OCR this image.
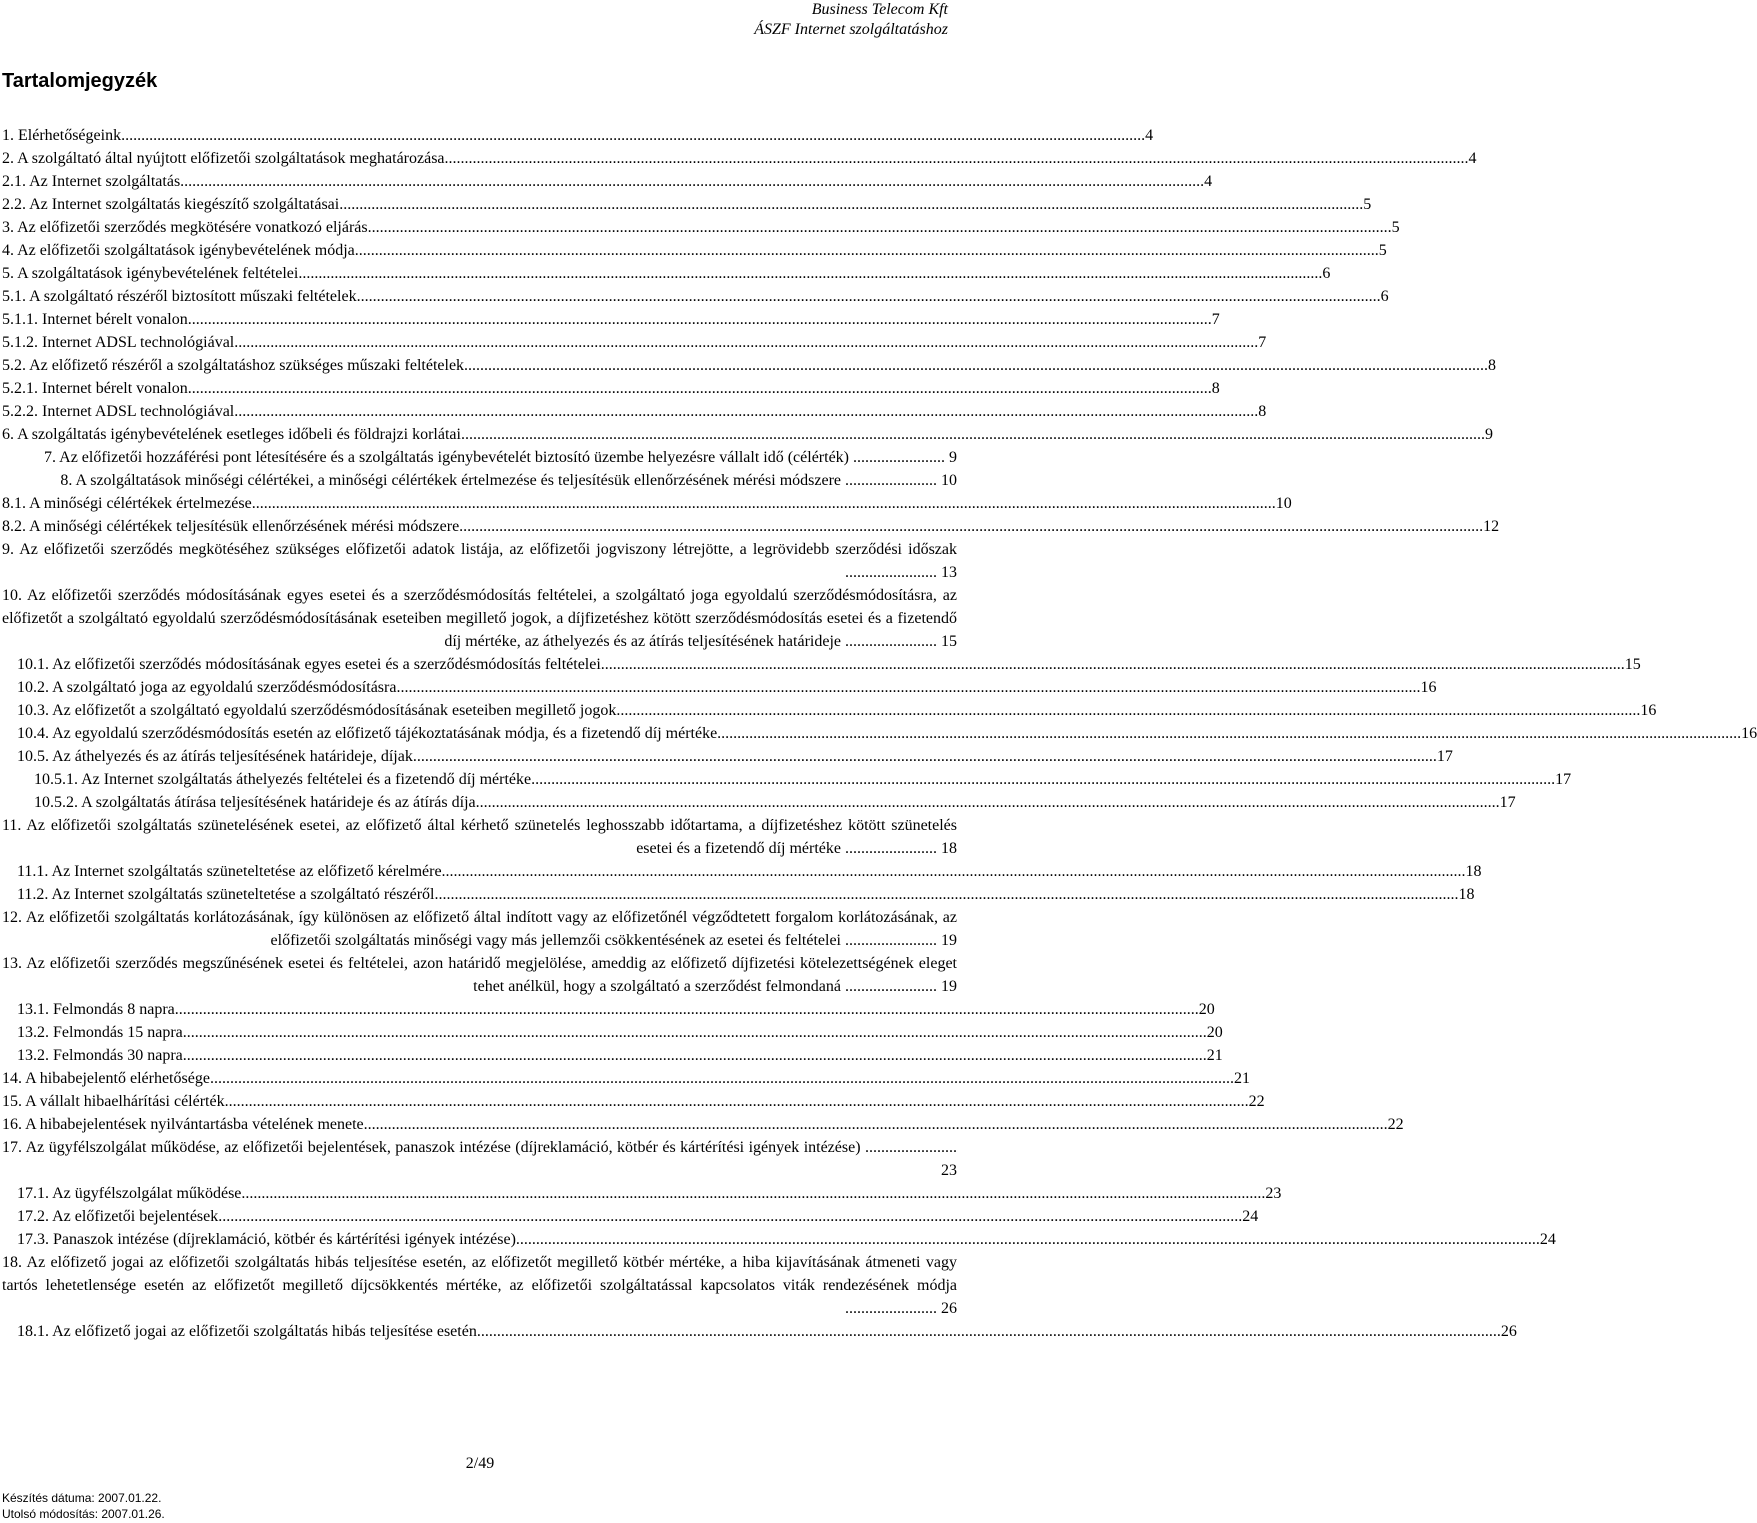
Business Telecom Kft
ÁSZF Internet szolgáltatáshoz
Tartalomjegyzék
1. Elérhetőségeink .....	4
2. A szolgáltató által nyújtott előfizetői szolgáltatások meghatározása .....	4
2.1. Az Internet szolgáltatás .....	4
2.2. Az Internet szolgáltatás kiegészítő szolgáltatásai .....	5
3. Az előfizetői szerződés megkötésére vonatkozó eljárás .....	5
4. Az előfizetői szolgáltatások igénybevételének módja .....	5
5. A szolgáltatások igénybevételének feltételei .....	6
5.1. A szolgáltató részéről biztosított műszaki feltételek .....	6
5.1.1. Internet bérelt vonalon .....	7
5.1.2. Internet ADSL technológiával .....	7
5.2. Az előfizető részéről a szolgáltatáshoz szükséges műszaki feltételek .....	8
5.2.1. Internet bérelt vonalon .....	8
5.2.2. Internet ADSL technológiával .....	8
6. A szolgáltatás igénybevételének esetleges időbeli és földrajzi korlátai .....	9
7. Az előfizetői hozzáférési pont létesítésére és a szolgáltatás igénybevételét biztosító üzembe helyezésre vállalt idő (célérték) ....................... 9
8. A szolgáltatások minőségi célértékei, a minőségi célértékek értelmezése és teljesítésük ellenőrzésének mérési módszere ....................... 10
8.1. A minőségi célértékek értelmezése .....	10
8.2. A minőségi célértékek teljesítésük ellenőrzésének mérési módszere .....	12
9. Az előfizetői szerződés megkötéséhez szükséges előfizetői adatok listája, az előfizetői jogviszony létrejötte, a legrövidebb szerződési időszak ....................... 13
10. Az előfizetői szerződés módosításának egyes esetei és a szerződésmódosítás feltételei, a szolgáltató joga egyoldalú szerződésmódosításra, az előfizetőt a szolgáltató egyoldalú szerződésmódosításának eseteiben megillető jogok, a díjfizetéshez kötött szerződésmódosítás esetei és a fizetendő díj mértéke, az áthelyezés és az átírás teljesítésének határideje ....................... 15
10.1. Az előfizetői szerződés módosításának egyes esetei és a szerződésmódosítás feltételei .....	15
10.2. A szolgáltató joga az egyoldalú szerződésmódosításra .....	16
10.3. Az előfizetőt a szolgáltató egyoldalú szerződésmódosításának eseteiben megillető jogok .....	16
10.4. Az egyoldalú szerződésmódosítás esetén az előfizető tájékoztatásának módja, és a fizetendő díj mértéke .....	16
10.5. Az áthelyezés és az átírás teljesítésének határideje, díjak .....	17
10.5.1. Az Internet szolgáltatás áthelyezés feltételei és a fizetendő díj mértéke .....	17
10.5.2. A szolgáltatás átírása teljesítésének határideje és az átírás díja .....	17
11. Az előfizetői szolgáltatás szünetelésének esetei, az előfizető által kérhető szünetelés leghosszabb időtartama, a díjfizetéshez kötött szünetelés esetei és a fizetendő díj mértéke ....................... 18
11.1. Az Internet szolgáltatás szüneteltetése az előfizető kérelmére .....	18
11.2. Az Internet szolgáltatás szüneteltetése a szolgáltató részéről .....	18
12. Az előfizetői szolgáltatás korlátozásának, így különösen az előfizető által indított vagy az előfizetőnél végződtetett forgalom korlátozásának, az előfizetői szolgáltatás minőségi vagy más jellemzői csökkentésének az esetei és feltételei ....................... 19
13. Az előfizetői szerződés megszűnésének esetei és feltételei, azon határidő megjelölése, ameddig az előfizető díjfizetési kötelezettségének eleget tehet anélkül, hogy a szolgáltató a szerződést felmondaná ....................... 19
13.1. Felmondás 8 napra .....	20
13.2. Felmondás 15 napra .....	20
13.2. Felmondás 30 napra .....	21
14. A hibabejelentő elérhetősége .....	21
15. A vállalt hibaelhárítási célérték .....	22
16. A hibabejelentések nyilvántartásba vételének menete .....	22
17. Az ügyfélszolgálat működése, az előfizetői bejelentések, panaszok intézése (díjreklamáció, kötbér és kártérítési igények intézése) ....................... 23
17.1. Az ügyfélszolgálat működése .....	23
17.2. Az előfizetői bejelentések .....	24
17.3. Panaszok intézése (díjreklamáció, kötbér és kártérítési igények intézése) .....	24
18. Az előfizető jogai az előfizetői szolgáltatás hibás teljesítése esetén, az előfizetőt megillető kötbér mértéke, a hiba kijavításának átmeneti vagy tartós lehetetlensége esetén az előfizetőt megillető díjcsökkentés mértéke, az előfizetői szolgáltatással kapcsolatos viták rendezésének módja ....................... 26
18.1. Az előfizető jogai az előfizetői szolgáltatás hibás teljesítése esetén .....	26
2/49
Készítés dátuma: 2007.01.22.
Utolsó módosítás: 2007.01.26.
